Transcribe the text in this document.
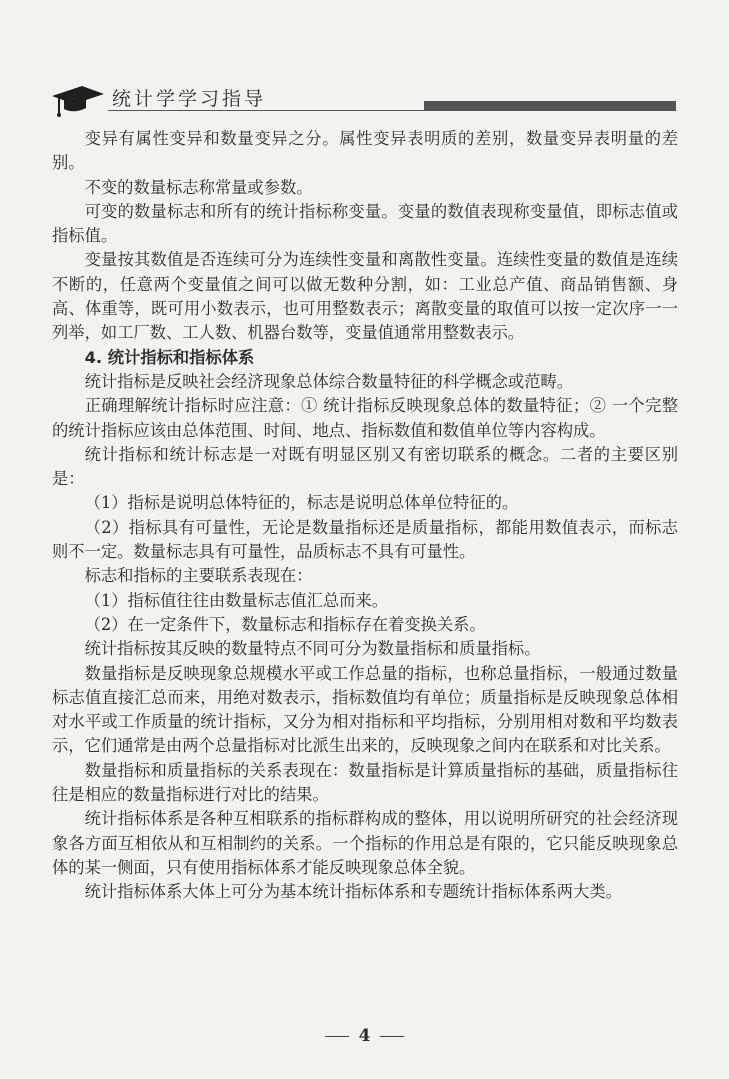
统计学学习指导

变异有属性变异和数量变异之分。属性变异表明质的差别，数量变异表明量的差别。

不变的数量标志称常量或参数。

可变的数量标志和所有的统计指标称变量。变量的数值表现称变量值，即标志值或指标值。

变量按其数值是否连续可分为连续性变量和离散性变量。连续性变量的数值是连续不断的，任意两个变量值之间可以做无数种分割，如：工业总产值、商品销售额、身高、体重等，既可用小数表示，也可用整数表示；离散变量的取值可以按一定次序一一列举，如工厂数、工人数、机器台数等，变量值通常用整数表示。

4. 统计指标和指标体系

统计指标是反映社会经济现象总体综合数量特征的科学概念或范畴。

正确理解统计指标时应注意：① 统计指标反映现象总体的数量特征；② 一个完整的统计指标应该由总体范围、时间、地点、指标数值和数值单位等内容构成。

统计指标和统计标志是一对既有明显区别又有密切联系的概念。二者的主要区别是：

（1）指标是说明总体特征的，标志是说明总体单位特征的。

（2）指标具有可量性，无论是数量指标还是质量指标，都能用数值表示，而标志则不一定。数量标志具有可量性，品质标志不具有可量性。

标志和指标的主要联系表现在：

（1）指标值往往由数量标志值汇总而来。

（2）在一定条件下，数量标志和指标存在着变换关系。

统计指标按其反映的数量特点不同可分为数量指标和质量指标。

数量指标是反映现象总规模水平或工作总量的指标，也称总量指标，一般通过数量标志值直接汇总而来，用绝对数表示，指标数值均有单位；质量指标是反映现象总体相对水平或工作质量的统计指标，又分为相对指标和平均指标，分别用相对数和平均数表示，它们通常是由两个总量指标对比派生出来的，反映现象之间内在联系和对比关系。

数量指标和质量指标的关系表现在：数量指标是计算质量指标的基础，质量指标往往是相应的数量指标进行对比的结果。

统计指标体系是各种互相联系的指标群构成的整体，用以说明所研究的社会经济现象各方面互相依从和互相制约的关系。一个指标的作用总是有限的，它只能反映现象总体的某一侧面，只有使用指标体系才能反映现象总体全貌。

统计指标体系大体上可分为基本统计指标体系和专题统计指标体系两大类。

4
